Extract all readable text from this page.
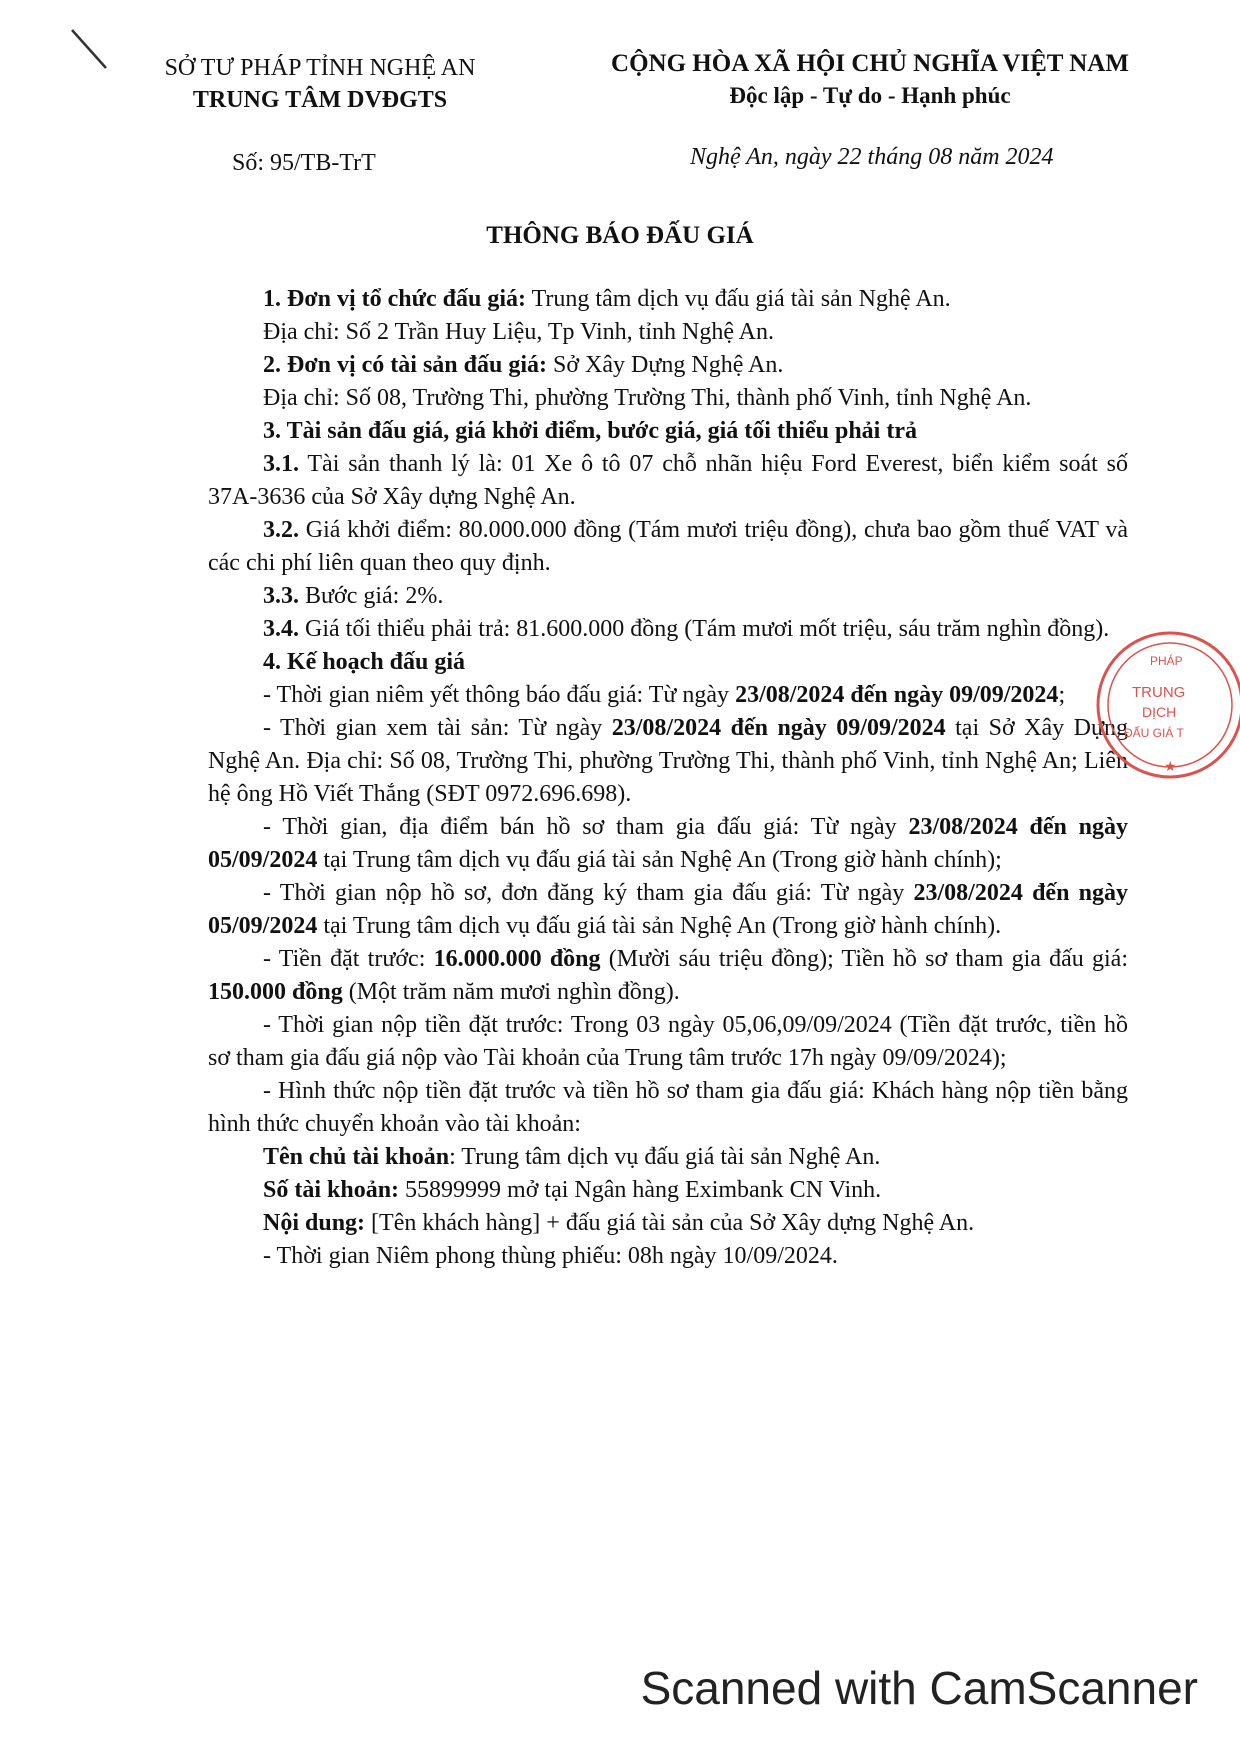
SỞ TƯ PHÁP TỈNH NGHỆ AN
TRUNG TÂM DVĐGTS
CỘNG HÒA XÃ HỘI CHỦ NGHĨA VIỆT NAM
Độc lập - Tự do - Hạnh phúc
Số: 95/TB-TrT	Nghệ An, ngày 22 tháng 08 năm 2024
THÔNG BÁO ĐẤU GIÁ

1. Đơn vị tổ chức đấu giá: Trung tâm dịch vụ đấu giá tài sản Nghệ An.

Địa chỉ: Số 2 Trần Huy Liệu, Tp Vinh, tỉnh Nghệ An.

2. Đơn vị có tài sản đấu giá: Sở Xây Dựng Nghệ An.

Địa chỉ: Số 08, Trường Thi, phường Trường Thi, thành phố Vinh, tỉnh Nghệ An.

3. Tài sản đấu giá, giá khởi điểm, bước giá, giá tối thiểu phải trả

3.1. Tài sản thanh lý là: 01 Xe ô tô 07 chỗ nhãn hiệu Ford Everest, biển kiểm soát số 37A-3636 của Sở Xây dựng Nghệ An.

3.2. Giá khởi điểm: 80.000.000 đồng (Tám mươi triệu đồng), chưa bao gồm thuế VAT và các chi phí liên quan theo quy định.

3.3. Bước giá: 2%.

3.4. Giá tối thiểu phải trả: 81.600.000 đồng (Tám mươi mốt triệu, sáu trăm nghìn đồng).

4. Kế hoạch đấu giá

- Thời gian niêm yết thông báo đấu giá: Từ ngày 23/08/2024 đến ngày 09/09/2024;

- Thời gian xem tài sản: Từ ngày 23/08/2024 đến ngày 09/09/2024 tại Sở Xây Dựng Nghệ An. Địa chỉ: Số 08, Trường Thi, phường Trường Thi, thành phố Vinh, tỉnh Nghệ An; Liên hệ ông Hồ Viết Thắng (SĐT 0972.696.698).

- Thời gian, địa điểm bán hồ sơ tham gia đấu giá: Từ ngày 23/08/2024 đến ngày 05/09/2024 tại Trung tâm dịch vụ đấu giá tài sản Nghệ An (Trong giờ hành chính);

- Thời gian nộp hồ sơ, đơn đăng ký tham gia đấu giá: Từ ngày 23/08/2024 đến ngày 05/09/2024 tại Trung tâm dịch vụ đấu giá tài sản Nghệ An (Trong giờ hành chính).

- Tiền đặt trước: 16.000.000 đồng (Mười sáu triệu đồng); Tiền hồ sơ tham gia đấu giá: 150.000 đồng (Một trăm năm mươi nghìn đồng).

- Thời gian nộp tiền đặt trước: Trong 03 ngày 05,06,09/09/2024 (Tiền đặt trước, tiền hồ sơ tham gia đấu giá nộp vào Tài khoản của Trung tâm trước 17h ngày 09/09/2024);

- Hình thức nộp tiền đặt trước và tiền hồ sơ tham gia đấu giá: Khách hàng nộp tiền bằng hình thức chuyển khoản vào tài khoản:

Tên chủ tài khoản: Trung tâm dịch vụ đấu giá tài sản Nghệ An.

Số tài khoản: 55899999 mở tại Ngân hàng Eximbank CN Vinh.

Nội dung: [Tên khách hàng] + đấu giá tài sản của Sở Xây dựng Nghệ An.

- Thời gian Niêm phong thùng phiếu: 08h ngày 10/09/2024.

PHÁP
TRUNG
DỊCH
ĐẤU GIÁ T
★
Scanned with CamScanner
